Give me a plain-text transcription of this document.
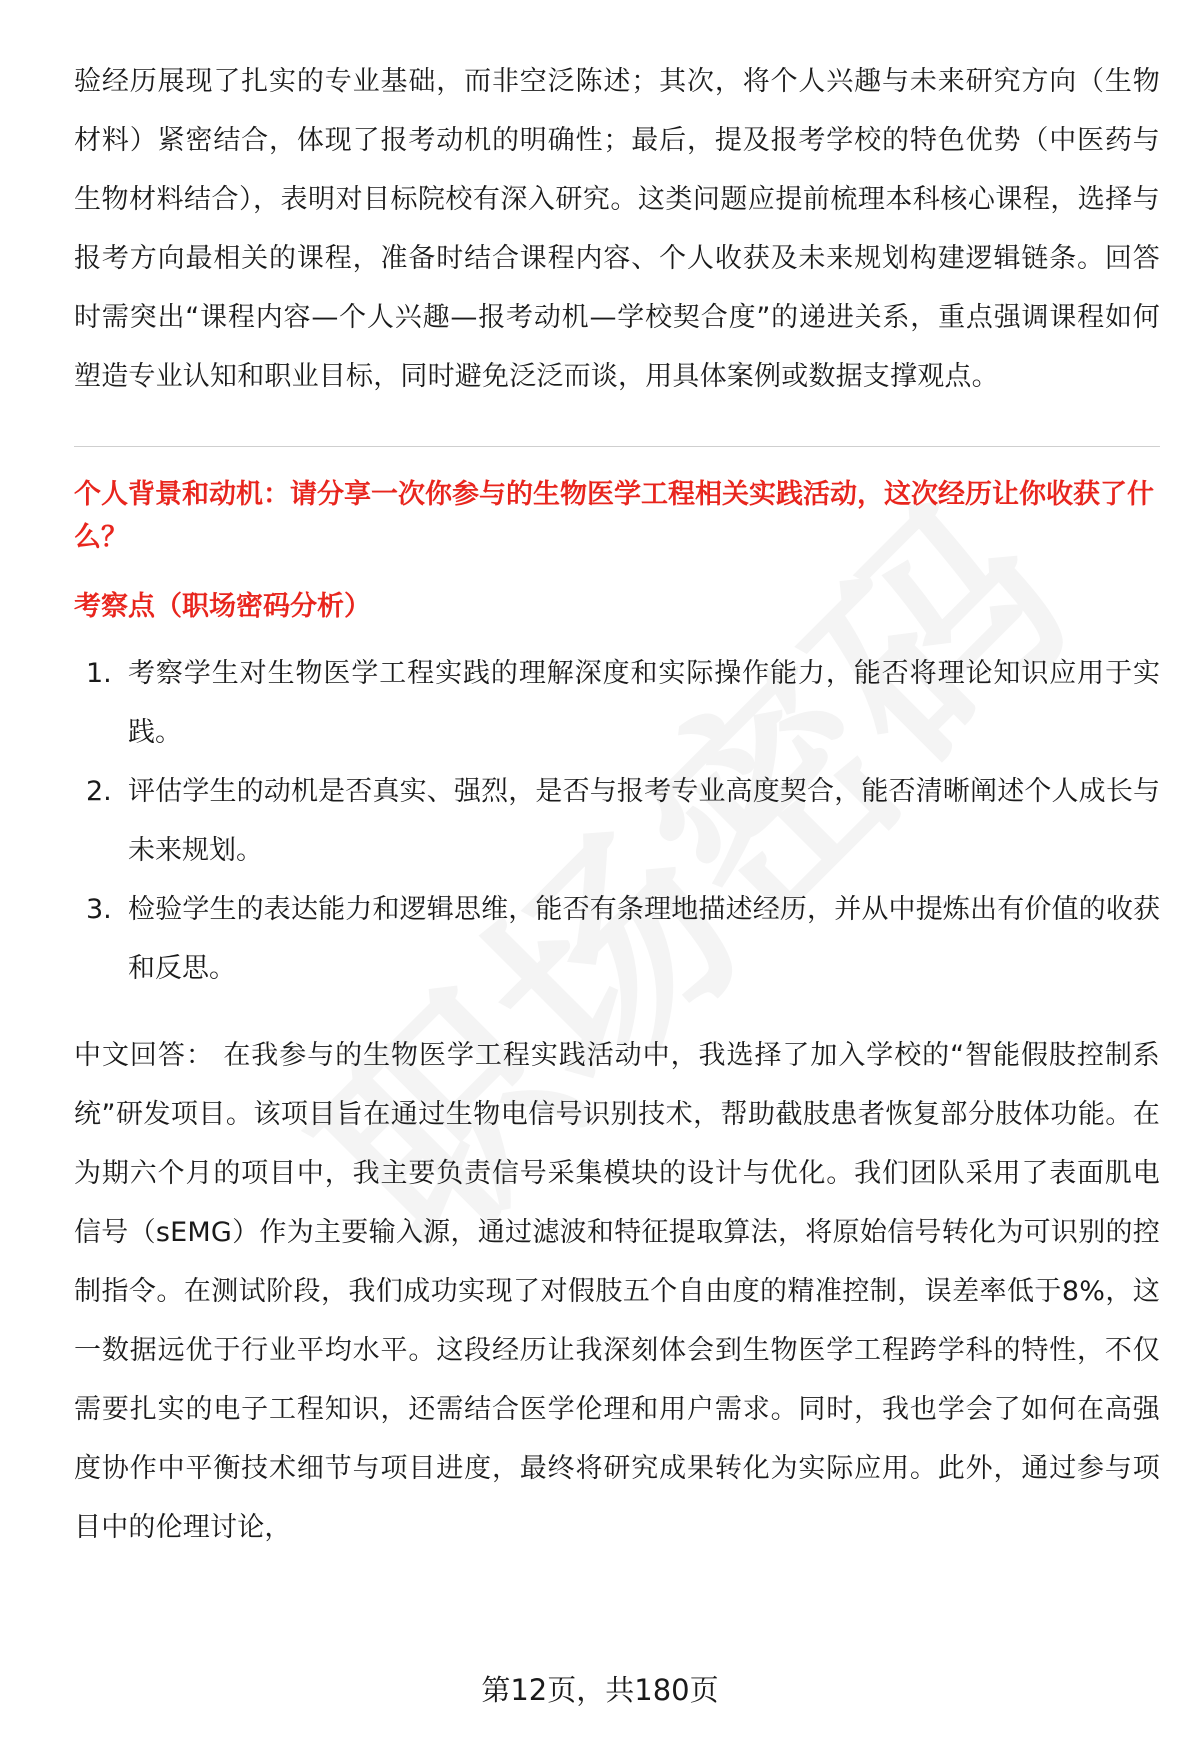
验经历展现了扎实的专业基础，而非空泛陈述；其次，将个人兴趣与未来研究方向（生物材料）紧密结合，体现了报考动机的明确性；最后，提及报考学校的特色优势（中医药与生物材料结合），表明对目标院校有深入研究。这类问题应提前梳理本科核心课程，选择与报考方向最相关的课程，准备时结合课程内容、个人收获及未来规划构建逻辑链条。回答时需突出“课程内容—个人兴趣—报考动机—学校契合度”的递进关系，重点强调课程如何塑造专业认知和职业目标，同时避免泛泛而谈，用具体案例或数据支撑观点。

个人背景和动机：请分享一次你参与的生物医学工程相关实践活动，这次经历让你收获了什么？

考察点（职场密码分析）

1. 考察学生对生物医学工程实践的理解深度和实际操作能力，能否将理论知识应用于实践。
2. 评估学生的动机是否真实、强烈，是否与报考专业高度契合，能否清晰阐述个人成长与未来规划。
3. 检验学生的表达能力和逻辑思维，能否有条理地描述经历，并从中提炼出有价值的收获和反思。

中文回答： 在我参与的生物医学工程实践活动中，我选择了加入学校的“智能假肢控制系统”研发项目。该项目旨在通过生物电信号识别技术，帮助截肢患者恢复部分肢体功能。在为期六个月的项目中，我主要负责信号采集模块的设计与优化。我们团队采用了表面肌电信号（sEMG）作为主要输入源，通过滤波和特征提取算法，将原始信号转化为可识别的控制指令。在测试阶段，我们成功实现了对假肢五个自由度的精准控制，误差率低于8%，这一数据远优于行业平均水平。这段经历让我深刻体会到生物医学工程跨学科的特性，不仅需要扎实的电子工程知识，还需结合医学伦理和用户需求。同时，我也学会了如何在高强度协作中平衡技术细节与项目进度，最终将研究成果转化为实际应用。此外，通过参与项目中的伦理讨论，

第12页，共180页
